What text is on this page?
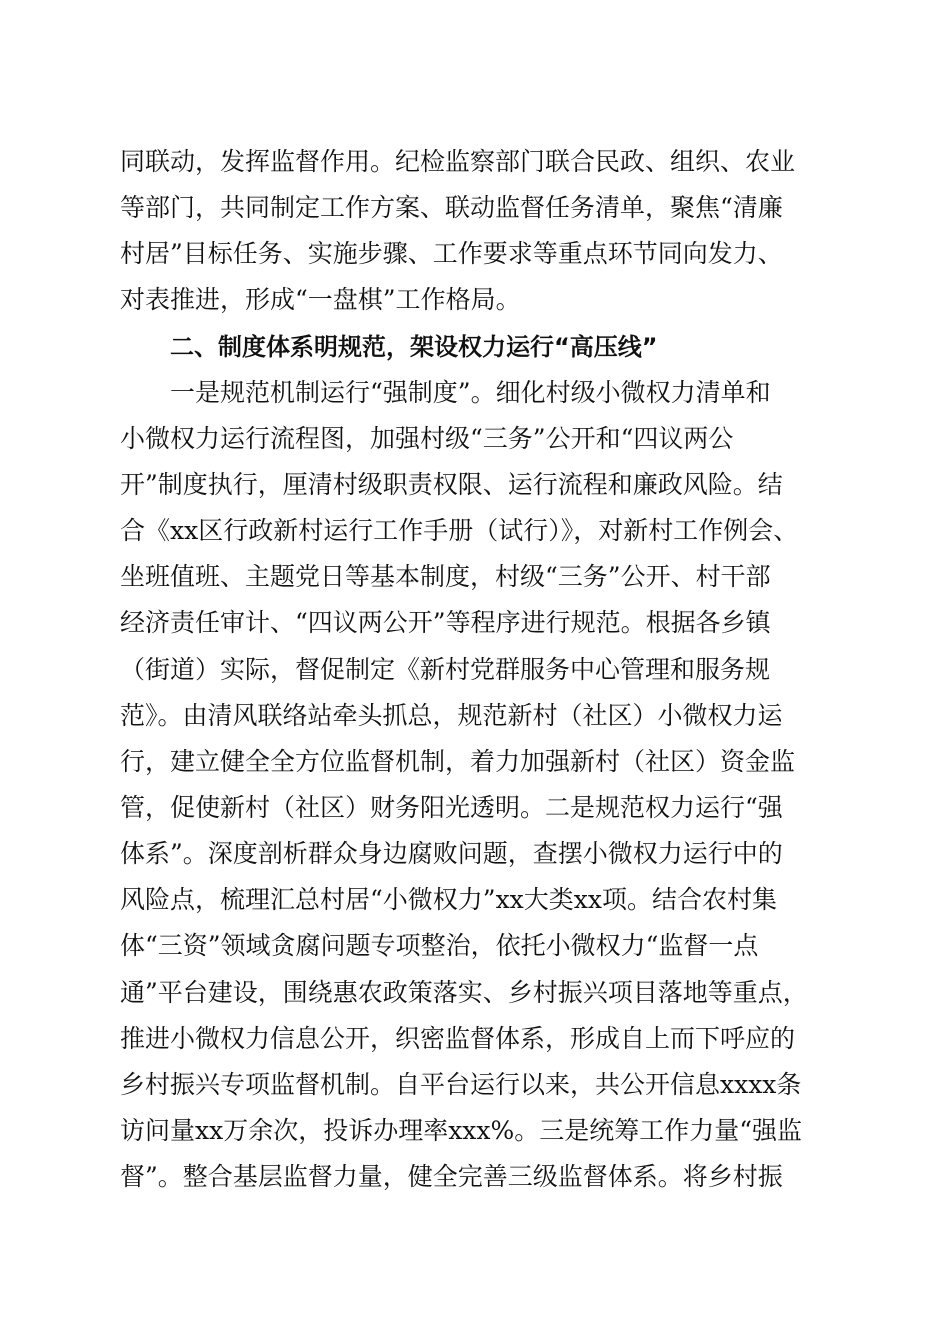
同联动，发挥监督作用。纪检监察部门联合民政、组织、农业
等部门，共同制定工作方案、联动监督任务清单，聚焦“清廉
村居”目标任务、实施步骤、工作要求等重点环节同向发力、
对表推进，形成“一盘棋”工作格局。
二、制度体系明规范，架设权力运行“高压线”
一是规范机制运行“强制度”。细化村级小微权力清单和
小微权力运行流程图，加强村级“三务”公开和“四议两公
开”制度执行，厘清村级职责权限、运行流程和廉政风险。结
合《xx区行政新村运行工作手册（试行）》，对新村工作例会、
坐班值班、主题党日等基本制度，村级“三务”公开、村干部
经济责任审计、“四议两公开”等程序进行规范。根据各乡镇
（街道）实际，督促制定《新村党群服务中心管理和服务规
范》。由清风联络站牵头抓总，规范新村（社区）小微权力运
行，建立健全全方位监督机制，着力加强新村（社区）资金监
管，促使新村（社区）财务阳光透明。二是规范权力运行“强
体系”。深度剖析群众身边腐败问题，查摆小微权力运行中的
风险点，梳理汇总村居“小微权力”xx大类xx项。结合农村集
体“三资”领域贪腐问题专项整治，依托小微权力“监督一点
通”平台建设，围绕惠农政策落实、乡村振兴项目落地等重点，
推进小微权力信息公开，织密监督体系，形成自上而下呼应的
乡村振兴专项监督机制。自平台运行以来，共公开信息xxxx条
访问量xx万余次，投诉办理率xxx%。三是统筹工作力量“强监
督”。整合基层监督力量，健全完善三级监督体系。将乡村振
